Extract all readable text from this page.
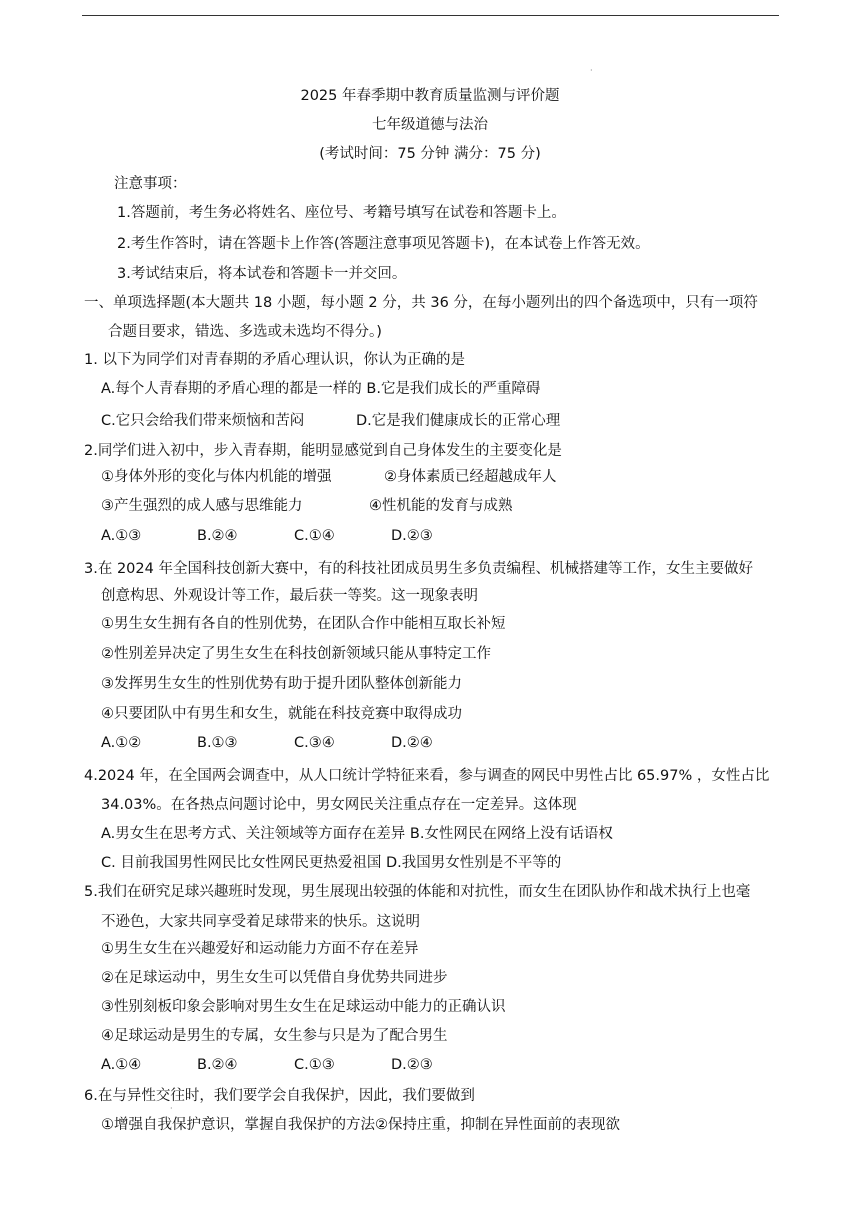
·
2025 年春季期中教育质量监测与评价题
七年级道德与法治
(考试时间：75 分钟 满分：75 分)
注意事项：
1.答题前，考生务必将姓名、座位号、考籍号填写在试卷和答题卡上。
2.考生作答时，请在答题卡上作答(答题注意事项见答题卡)，在本试卷上作答无效。
3.考试结束后，将本试卷和答题卡一并交回。
一、单项选择题(本大题共 18 小题，每小题 2 分，共 36 分，在每小题列出的四个备选项中，只有一项符
合题目要求，错选、多选或未选均不得分。)
1. 以下为同学们对青春期的矛盾心理认识，你认为正确的是
A.每个人青春期的矛盾心理的都是一样的 B.它是我们成长的严重障碍
C.它只会给我们带来烦恼和苦闷	D.它是我们健康成长的正常心理
2.同学们进入初中，步入青春期，能明显感觉到自己身体发生的主要变化是
①身体外形的变化与体内机能的增强	②身体素质已经超越成年人
③产生强烈的成人感与思维能力	④性机能的发育与成熟
A.①③	B.②④	C.①④	D.②③
3.在 2024 年全国科技创新大赛中，有的科技社团成员男生多负责编程、机械搭建等工作，女生主要做好
创意构思、外观设计等工作，最后获一等奖。这一现象表明
①男生女生拥有各自的性别优势，在团队合作中能相互取长补短
②性别差异决定了男生女生在科技创新领域只能从事特定工作
③发挥男生女生的性别优势有助于提升团队整体创新能力
④只要团队中有男生和女生，就能在科技竞赛中取得成功
A.①②	B.①③	C.③④	D.②④
4.2024 年，在全国两会调查中，从人口统计学特征来看，参与调查的网民中男性占比 65.97% ，女性占比
34.03%。在各热点问题讨论中，男女网民关注重点存在一定差异。这体现
A.男女生在思考方式、关注领域等方面存在差异 B.女性网民在网络上没有话语权
C. 目前我国男性网民比女性网民更热爱祖国 D.我国男女性别是不平等的
5.我们在研究足球兴趣班时发现，男生展现出较强的体能和对抗性，而女生在团队协作和战术执行上也毫
不逊色，大家共同享受着足球带来的快乐。这说明
①男生女生在兴趣爱好和运动能力方面不存在差异
②在足球运动中，男生女生可以凭借自身优势共同进步
③性别刻板印象会影响对男生女生在足球运动中能力的正确认识
④足球运动是男生的专属，女生参与只是为了配合男生
A.①④	B.②④	C.①③	D.②③
6.在与异性交往时，我们要学会自我保护，因此，我们要做到
·
①增强自我保护意识，掌握自我保护的方法②保持庄重，抑制在异性面前的表现欲
